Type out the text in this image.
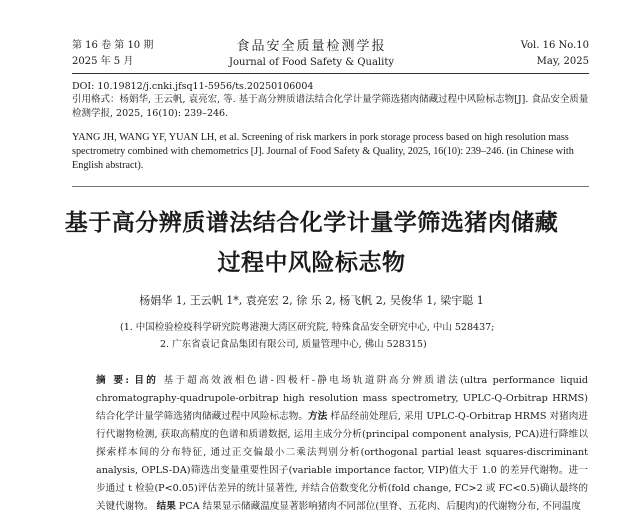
第 16 卷 第 10 期
2025 年 5 月
食品安全质量检测学报
Journal of Food Safety & Quality
Vol. 16 No.10
May, 2025
DOI: 10.19812/j.cnki.jfsq11-5956/ts.20250106004
引用格式：杨娟华, 王云帆, 袁亮宏, 等. 基于高分辨质谱法结合化学计量学筛选猪肉储藏过程中风险标志物[J]. 食品安全质量检测学报, 2025, 16(10): 239–246.
YANG JH, WANG YF, YUAN LH, et al. Screening of risk markers in pork storage process based on high resolution mass spectrometry combined with chemometrics [J]. Journal of Food Safety & Quality, 2025, 16(10): 239–246. (in Chinese with English abstract).
基于高分辨质谱法结合化学计量学筛选猪肉储藏
过程中风险标志物
杨娟华 1, 王云帆 1*, 袁亮宏 2, 徐 乐 2, 杨飞帆 2, 吴俊华 1, 梁宇聪 1
(1. 中国检验检疫科学研究院粤港澳大湾区研究院, 特殊食品安全研究中心, 中山 528437;
2. 广东省袁记食品集团有限公司, 质量管理中心, 佛山 528315)
摘 要: 目的 基于超高效液相色谱-四极杆-静电场轨道阱高分辨质谱法(ultra performance liquid chromatography-quadrupole-orbitrap high resolution mass spectrometry, UPLC-Q-Orbitrap HRMS)结合化学计量学筛选猪肉储藏过程中风险标志物。方法 样品经前处理后, 采用 UPLC-Q-Orbitrap HRMS 对猪肉进行代谢物检测, 获取高精度的色谱和质谱数据, 运用主成分分析(principal component analysis, PCA)进行降维以探索样本间的分布特征, 通过正交偏最小二乘法判别分析(orthogonal partial least squares-discriminant analysis, OPLS-DA)筛选出变量重要性因子(variable importance factor, VIP)值大于 1.0 的差异代谢物。进一步通过 t 检验(P<0.05)评估差异的统计显著性, 并结合倍数变化分析(fold change, FC>2 或 FC<0.5)确认最终的关键代谢物。 结果 PCA 结果显示储藏温度显著影响猪肉不同部位(里脊、五花肉、后腿肉)的代谢物分布, 不同温度
